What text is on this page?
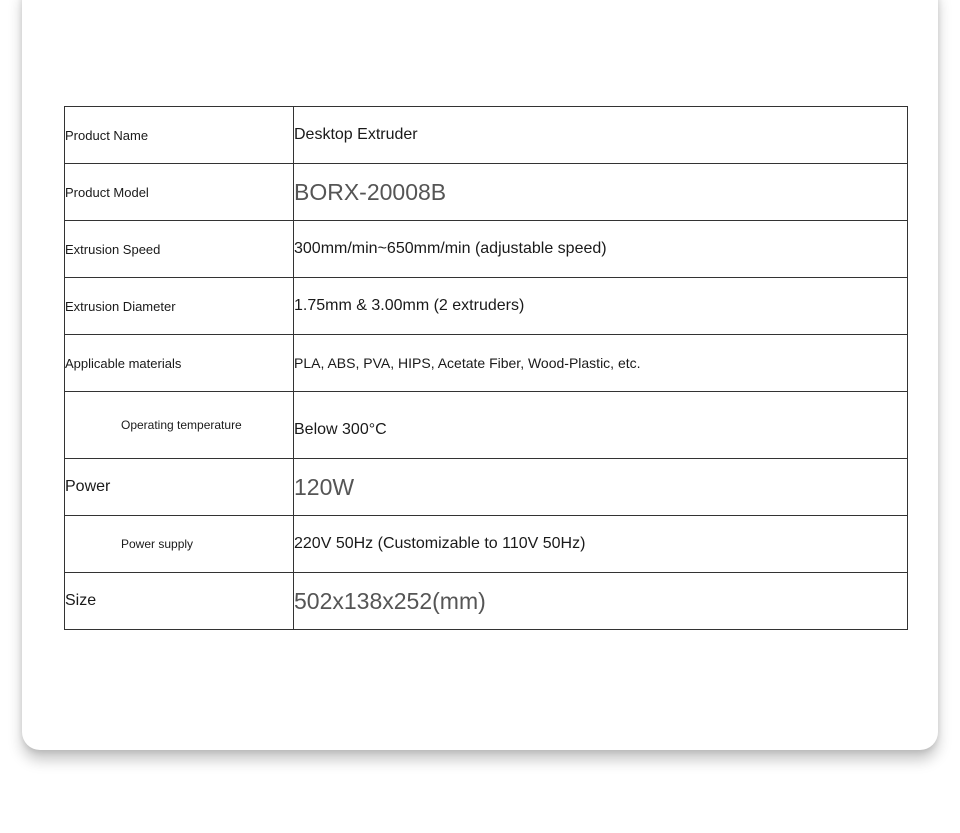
Product Name	Desktop Extruder
Product Model	BORX-20008B
Extrusion Speed	300mm/min~650mm/min (adjustable speed)
Extrusion Diameter	1.75mm & 3.00mm (2 extruders)
Applicable materials	PLA, ABS, PVA, HIPS, Acetate Fiber, Wood-Plastic, etc.
Operating temperature	Below 300°C
Power	120W
Power supply	220V 50Hz (Customizable to 110V 50Hz)
Size	502x138x252(mm)
